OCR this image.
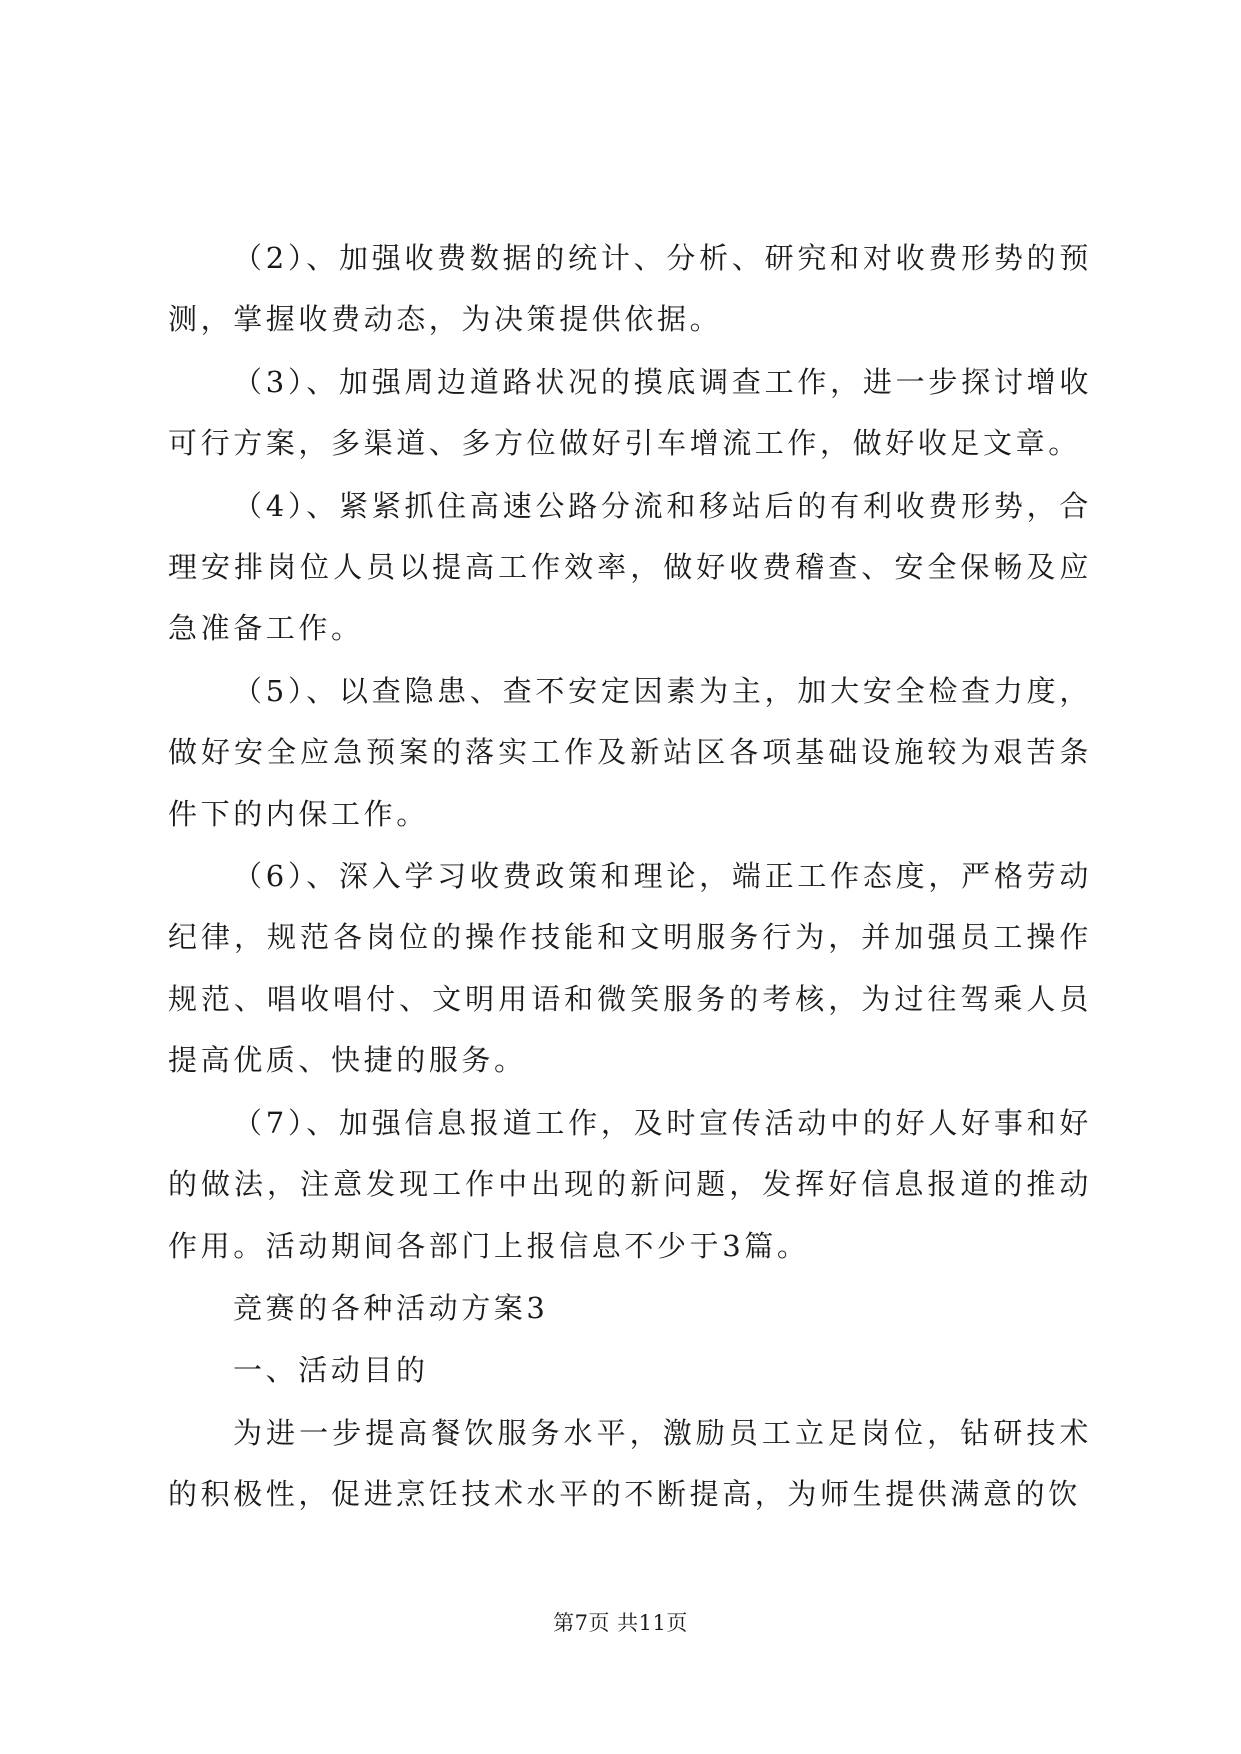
（2）、加强收费数据的统计、分析、研究和对收费形势的预测，掌握收费动态，为决策提供依据。

（3）、加强周边道路状况的摸底调查工作，进一步探讨增收可行方案，多渠道、多方位做好引车增流工作，做好收足文章。

（4）、紧紧抓住高速公路分流和移站后的有利收费形势，合理安排岗位人员以提高工作效率，做好收费稽查、安全保畅及应急准备工作。

（5）、以查隐患、查不安定因素为主，加大安全检查力度，做好安全应急预案的落实工作及新站区各项基础设施较为艰苦条件下的内保工作。

（6）、深入学习收费政策和理论，端正工作态度，严格劳动纪律，规范各岗位的操作技能和文明服务行为，并加强员工操作规范、唱收唱付、文明用语和微笑服务的考核，为过往驾乘人员提高优质、快捷的服务。

（7）、加强信息报道工作，及时宣传活动中的好人好事和好的做法，注意发现工作中出现的新问题，发挥好信息报道的推动作用。活动期间各部门上报信息不少于3篇。

竞赛的各种活动方案3

一、活动目的

为进一步提高餐饮服务水平，激励员工立足岗位，钻研技术的积极性，促进烹饪技术水平的不断提高，为师生提供满意的饮

第7页 共11页
